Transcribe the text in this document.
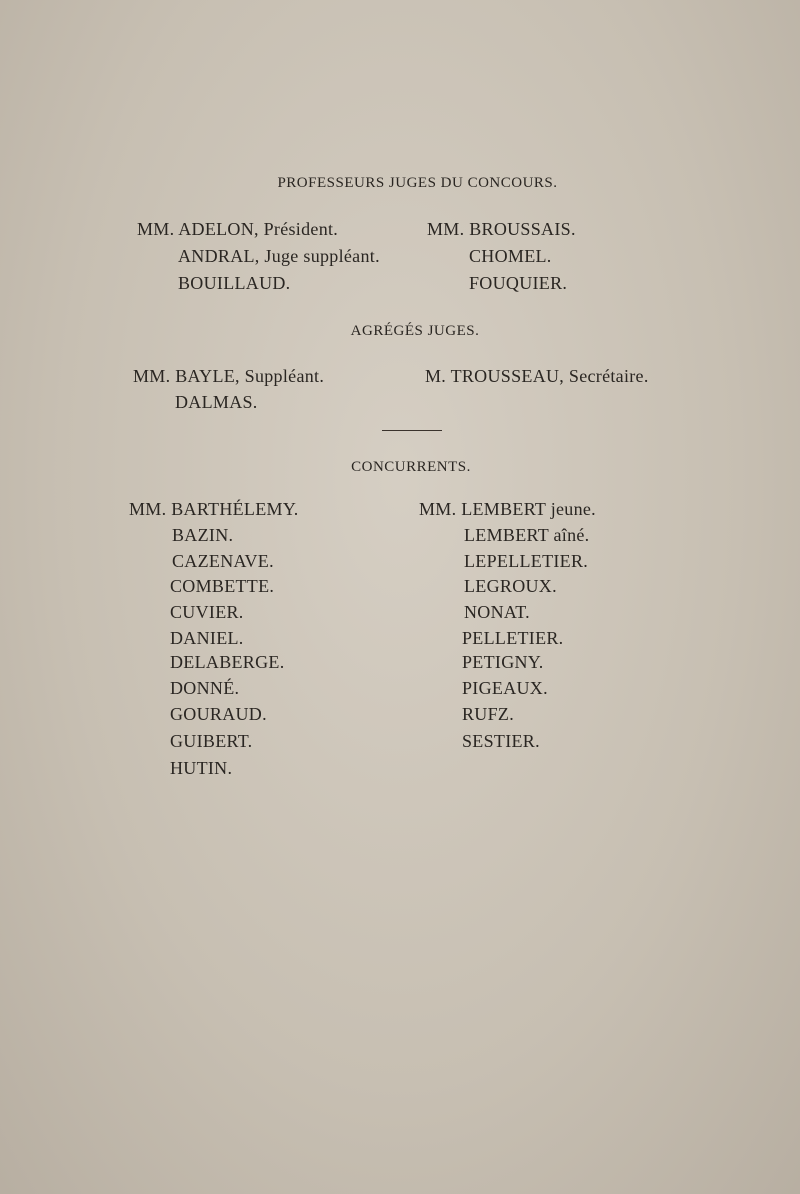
PROFESSEURS JUGES DU CONCOURS.
MM. ADELON, Président.
ANDRAL, Juge suppléant.
BOUILLAUD.
MM. BROUSSAIS.
CHOMEL.
FOUQUIER.
AGRÉGÉS JUGES.
MM. BAYLE, Suppléant.
DALMAS.
M. TROUSSEAU, Secrétaire.
CONCURRENTS.
MM. BARTHÉLEMY.
BAZIN.
CAZENAVE.
COMBETTE.
CUVIER.
DANIEL.
DELABERGE.
DONNÉ.
GOURAUD.
GUIBERT.
HUTIN.
MM. LEMBERT jeune.
LEMBERT aîné.
LEPELLETIER.
LEGROUX.
NONAT.
PELLETIER.
PETIGNY.
PIGEAUX.
RUFZ.
SESTIER.
